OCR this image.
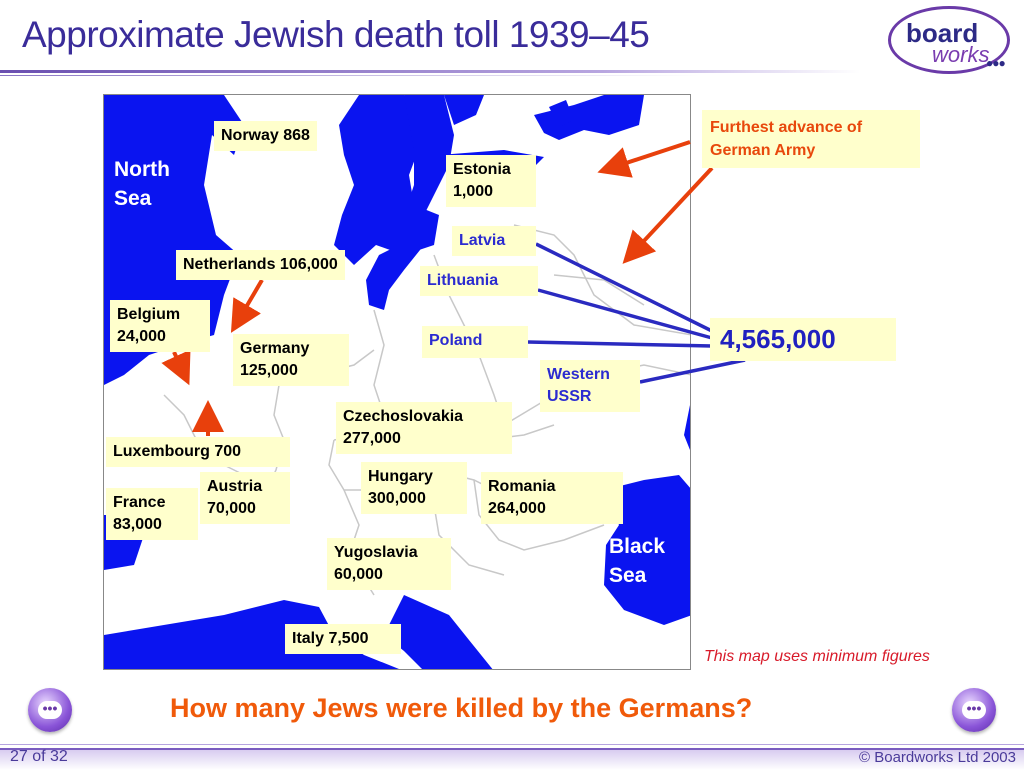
Approximate Jewish death toll 1939–45	board
works
●●●
North
Sea
Black
Sea
Norway 868
Estonia
1,000
Latvia
Netherlands 106,000
Lithuania
Belgium
24,000
Germany
125,000
Poland
Western
USSR
Czechoslovakia
277,000
Luxembourg 700
Hungary
300,000
Romania
264,000
France
83,000
Austria
70,000
Yugoslavia
60,000
Italy 7,500
Furthest advance of
German Army
4,565,000
This map uses minimum figures
How many Jews were killed by the Germans?
•••	•••
27 of 32	© Boardworks Ltd 2003
